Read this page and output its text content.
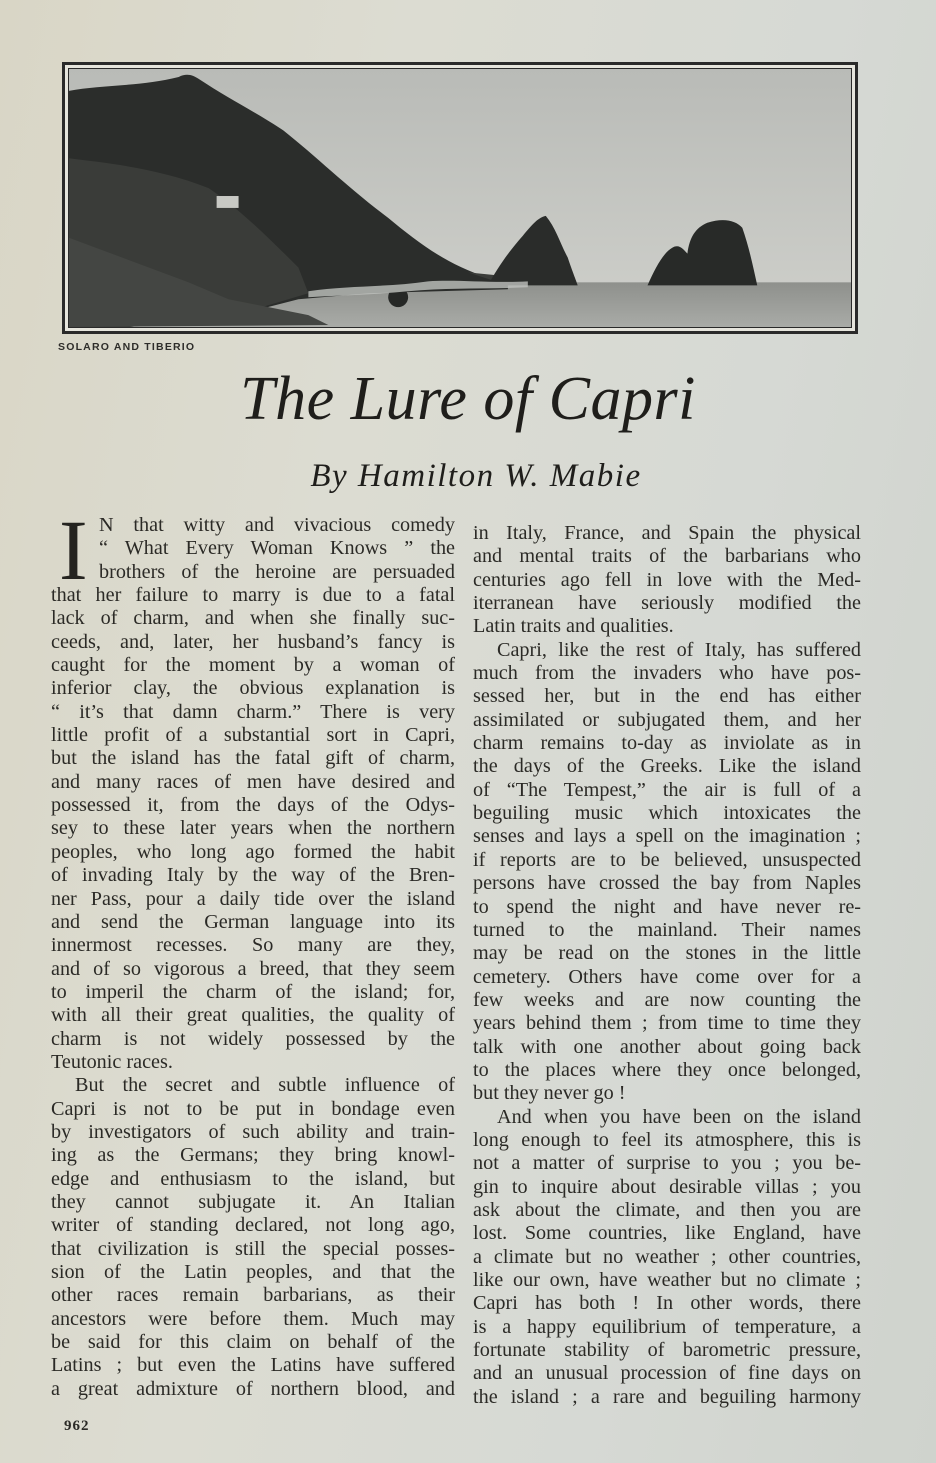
SOLARO AND TIBERIO
The Lure of Capri
By Hamilton W. Mabie
I N that witty and vivacious comedy
“ What Every Woman Knows ” the
brothers of the heroine are persuaded
that her failure to marry is due to a fatal
lack of charm, and when she finally suc-
ceeds, and, later, her husband’s fancy is
caught for the moment by a woman of
inferior clay, the obvious explanation is
“ it’s that damn charm.” There is very
little profit of a substantial sort in Capri,
but the island has the fatal gift of charm,
and many races of men have desired and
possessed it, from the days of the Odys-
sey to these later years when the northern
peoples, who long ago formed the habit
of invading Italy by the way of the Bren-
ner Pass, pour a daily tide over the island
and send the German language into its
innermost recesses. So many are they,
and of so vigorous a breed, that they seem
to imperil the charm of the island; for,
with all their great qualities, the quality of
charm is not widely possessed by the
Teutonic races.
But the secret and subtle influence of
Capri is not to be put in bondage even
by investigators of such ability and train-
ing as the Germans; they bring knowl-
edge and enthusiasm to the island, but
they cannot subjugate it. An Italian
writer of standing declared, not long ago,
that civilization is still the special posses-
sion of the Latin peoples, and that the
other races remain barbarians, as their
ancestors were before them. Much may
be said for this claim on behalf of the
Latins ; but even the Latins have suffered
a great admixture of northern blood, and
in Italy, France, and Spain the physical
and mental traits of the barbarians who
centuries ago fell in love with the Med-
iterranean have seriously modified the
Latin traits and qualities.
Capri, like the rest of Italy, has suffered
much from the invaders who have pos-
sessed her, but in the end has either
assimilated or subjugated them, and her
charm remains to-day as inviolate as in
the days of the Greeks. Like the island
of “The Tempest,” the air is full of a
beguiling music which intoxicates the
senses and lays a spell on the imagination ;
if reports are to be believed, unsuspected
persons have crossed the bay from Naples
to spend the night and have never re-
turned to the mainland. Their names
may be read on the stones in the little
cemetery. Others have come over for a
few weeks and are now counting the
years behind them ; from time to time they
talk with one another about going back
to the places where they once belonged,
but they never go !
And when you have been on the island
long enough to feel its atmosphere, this is
not a matter of surprise to you ; you be-
gin to inquire about desirable villas ; you
ask about the climate, and then you are
lost. Some countries, like England, have
a climate but no weather ; other countries,
like our own, have weather but no climate ;
Capri has both ! In other words, there
is a happy equilibrium of temperature, a
fortunate stability of barometric pressure,
and an unusual procession of fine days on
the island ; a rare and beguiling harmony
962
